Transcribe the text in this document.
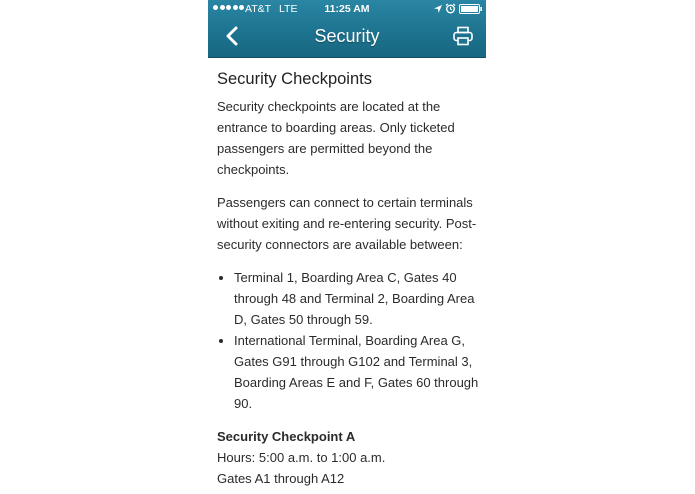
AT&T LTE	11:25 AM
Security
Security Checkpoints

Security checkpoints are located at the entrance to boarding areas. Only ticketed passengers are permitted beyond the checkpoints.

Passengers can connect to certain terminals without exiting and re-entering security. Post-security connectors are available between:

• Terminal 1, Boarding Area C, Gates 40 through 48 and Terminal 2, Boarding Area D, Gates 50 through 59.
• International Terminal, Boarding Area G, Gates G91 through G102 and Terminal 3, Boarding Areas E and F, Gates 60 through 90.
Security Checkpoint A
Hours: 5:00 a.m. to 1:00 a.m.
Gates A1 through A12
